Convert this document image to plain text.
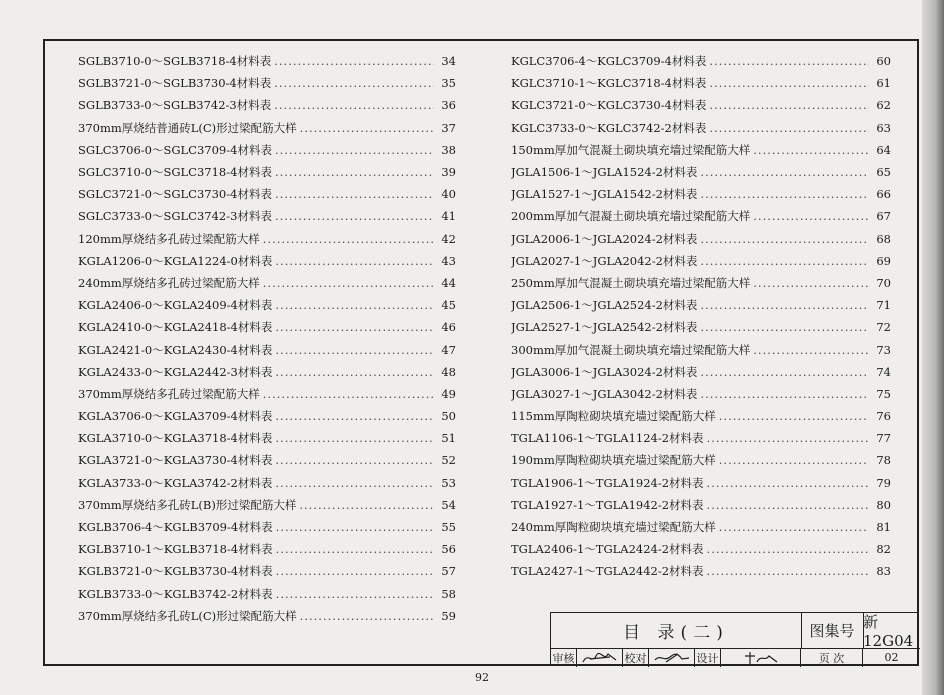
SGLB3710-0～SGLB3718-4材料表 .....	34
SGLB3721-0～SGLB3730-4材料表 .....	35
SGLB3733-0～SGLB3742-3材料表 .....	36
370mm厚烧结普通砖L(C)形过梁配筋大样 .....	37
SGLC3706-0～SGLC3709-4材料表 .....	38
SGLC3710-0～SGLC3718-4材料表 .....	39
SGLC3721-0～SGLC3730-4材料表 .....	40
SGLC3733-0～SGLC3742-3材料表 .....	41
120mm厚烧结多孔砖过梁配筋大样 .....	42
KGLA1206-0～KGLA1224-0材料表 .....	43
240mm厚烧结多孔砖过梁配筋大样 .....	44
KGLA2406-0～KGLA2409-4材料表 .....	45
KGLA2410-0～KGLA2418-4材料表 .....	46
KGLA2421-0～KGLA2430-4材料表 .....	47
KGLA2433-0～KGLA2442-3材料表 .....	48
370mm厚烧结多孔砖过梁配筋大样 .....	49
KGLA3706-0～KGLA3709-4材料表 .....	50
KGLA3710-0～KGLA3718-4材料表 .....	51
KGLA3721-0～KGLA3730-4材料表 .....	52
KGLA3733-0～KGLA3742-2材料表 .....	53
370mm厚烧结多孔砖L(B)形过梁配筋大样 .....	54
KGLB3706-4～KGLB3709-4材料表 .....	55
KGLB3710-1～KGLB3718-4材料表 .....	56
KGLB3721-0～KGLB3730-4材料表 .....	57
KGLB3733-0～KGLB3742-2材料表 .....	58
370mm厚烧结多孔砖L(C)形过梁配筋大样 .....	59
KGLC3706-4～KGLC3709-4材料表 .....	60
KGLC3710-1～KGLC3718-4材料表 .....	61
KGLC3721-0～KGLC3730-4材料表 .....	62
KGLC3733-0～KGLC3742-2材料表 .....	63
150mm厚加气混凝土砌块填充墙过梁配筋大样 .....	64
JGLA1506-1～JGLA1524-2材料表 .....	65
JGLA1527-1～JGLA1542-2材料表 .....	66
200mm厚加气混凝土砌块填充墙过梁配筋大样 .....	67
JGLA2006-1～JGLA2024-2材料表 .....	68
JGLA2027-1～JGLA2042-2材料表 .....	69
250mm厚加气混凝土砌块填充墙过梁配筋大样 .....	70
JGLA2506-1～JGLA2524-2材料表 .....	71
JGLA2527-1～JGLA2542-2材料表 .....	72
300mm厚加气混凝土砌块填充墙过梁配筋大样 .....	73
JGLA3006-1～JGLA3024-2材料表 .....	74
JGLA3027-1～JGLA3042-2材料表 .....	75
115mm厚陶粒砌块填充墙过梁配筋大样 .....	76
TGLA1106-1～TGLA1124-2材料表 .....	77
190mm厚陶粒砌块填充墙过梁配筋大样 .....	78
TGLA1906-1～TGLA1924-2材料表 .....	79
TGLA1927-1～TGLA1942-2材料表 .....	80
240mm厚陶粒砌块填充墙过梁配筋大样 .....	81
TGLA2406-1～TGLA2424-2材料表 .....	82
TGLA2427-1～TGLA2442-2材料表 .....	83
目 录(二)	图集号 新12G04
审核	校对	设计	页 次	02
92
